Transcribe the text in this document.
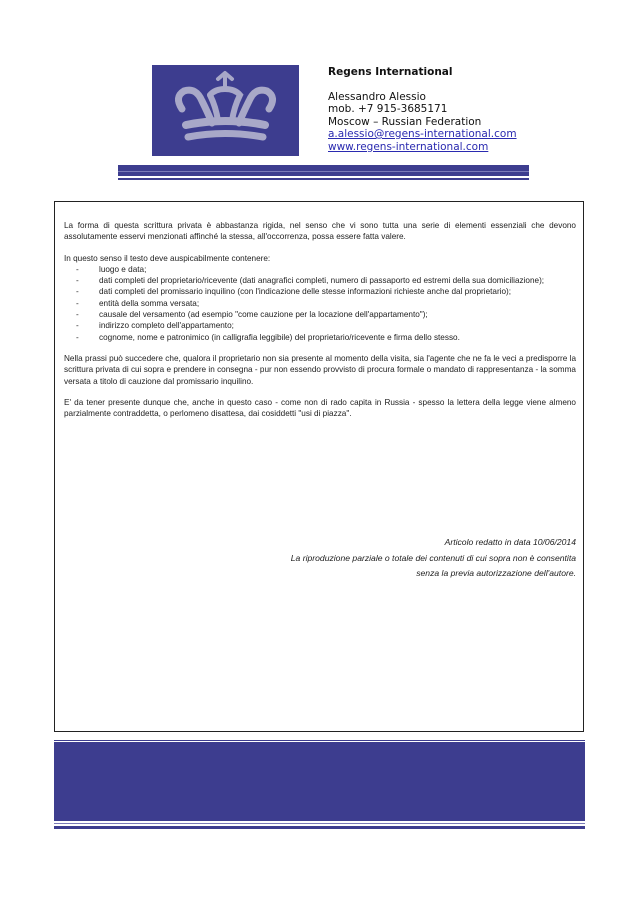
Regens International
Alessandro Alessio
mob. +7 915-3685171
Moscow – Russian Federation
a.alessio@regens-international.com
www.regens-international.com

La forma di questa scrittura privata è abbastanza rigida, nel senso che vi sono tutta una serie di elementi essenziali che devono assolutamente esservi menzionati affinché la stessa, all'occorrenza, possa essere fatta valere.

In questo senso il testo deve auspicabilmente contenere:

- luogo e data;
- dati completi del proprietario/ricevente (dati anagrafici completi, numero di passaporto ed estremi della sua domiciliazione);
- dati completi del promissario inquilino (con l'indicazione delle stesse informazioni richieste anche dal proprietario);
- entità della somma versata;
- causale del versamento (ad esempio "come cauzione per la locazione dell'appartamento");
- indirizzo completo dell'appartamento;
- cognome, nome e patronimico (in calligrafia leggibile) del proprietario/ricevente e firma dello stesso.

Nella prassi può succedere che, qualora il proprietario non sia presente al momento della visita, sia l'agente che ne fa le veci a predisporre la scrittura privata di cui sopra e prendere in consegna - pur non essendo provvisto di procura formale o mandato di rappresentanza - la somma versata a titolo di cauzione dal promissario inquilino.

E' da tener presente dunque che, anche in questo caso - come non di rado capita in Russia - spesso la lettera della legge viene almeno parzialmente contraddetta, o perlomeno disattesa, dai cosiddetti "usi di piazza".

Articolo redatto in data 10/06/2014
La riproduzione parziale o totale dei contenuti di cui sopra non è consentita
senza la previa autorizzazione dell'autore.
